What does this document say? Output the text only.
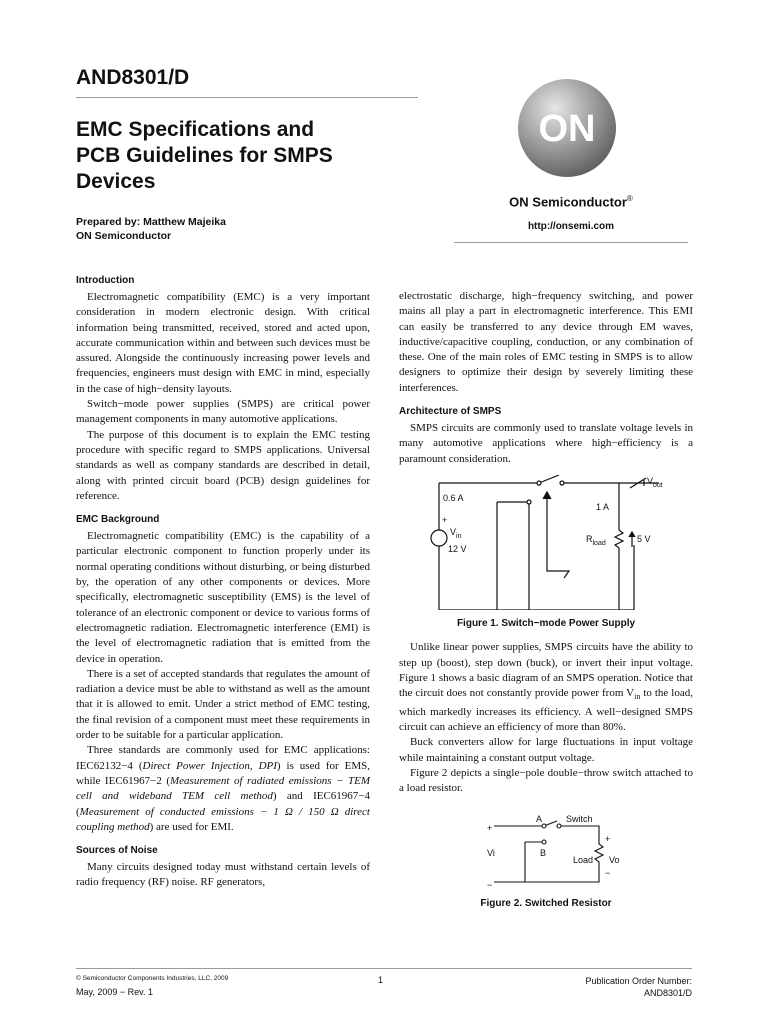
AND8301/D
EMC Specifications and
PCB Guidelines for SMPS
Devices
Prepared by: Matthew Majeika
ON Semiconductor
ON
ON Semiconductor®
http://onsemi.com
Introduction

Electromagnetic compatibility (EMC) is a very important consideration in modern electronic design. With critical information being transmitted, received, stored and acted upon, accurate communication within and between such devices must be assured. Alongside the continuously increasing power levels and frequencies, engineers must design with EMC in mind, especially in the case of high−density layouts.

Switch−mode power supplies (SMPS) are critical power management components in many automotive applications.

The purpose of this document is to explain the EMC testing procedure with specific regard to SMPS applications. Universal standards as well as company standards are described in detail, along with printed circuit board (PCB) design guidelines for reference.

EMC Background

Electromagnetic compatibility (EMC) is the capability of a particular electronic component to function properly under its normal operating conditions without disturbing, or being disturbed by, the operation of any other components or devices. More specifically, electromagnetic susceptibility (EMS) is the level of tolerance of an electronic component or device to various forms of electromagnetic radiation. Electromagnetic interference (EMI) is the level of electromagnetic radiation that is emitted from the device in operation.

There is a set of accepted standards that regulates the amount of radiation a device must be able to withstand as well as the amount that it is allowed to emit. Under a strict method of EMC testing, the final revision of a component must meet these requirements in order to be suitable for a particular application.

Three standards are commonly used for EMC applications: IEC62132−4 (Direct Power Injection, DPI) is used for EMS, while IEC61967−2 (Measurement of radiated emissions − TEM cell and wideband TEM cell method) and IEC61967−4 (Measurement of conducted emissions − 1 Ω / 150 Ω direct coupling method) are used for EMI.

Sources of Noise

Many circuits designed today must withstand certain levels of radio frequency (RF) noise. RF generators,

electrostatic discharge, high−frequency switching, and power mains all play a part in electromagnetic interference. This EMI can easily be transferred to any device through EM waves, inductive/capacitive coupling, conduction, or any combination of these. One of the main roles of EMC testing in SMPS is to allow designers to optimize their design by severely limiting these interferences.

Architecture of SMPS

SMPS circuits are commonly used to translate voltage levels in many automotive applications where high−efficiency is a paramount consideration.

0.6 A
+
$V_{in}$
12 V
$V_{out}$
1 A
$R_{load}$	5 V
Figure 1. Switch−mode Power Supply

Unlike linear power supplies, SMPS circuits have the ability to step up (boost), step down (buck), or invert their input voltage. Figure 1 shows a basic diagram of an SMPS operation. Notice that the circuit does not constantly provide power from $V_{in}$ to the load, which markedly increases its efficiency. A well−designed SMPS circuit can achieve an efficiency of more than 80%.

Buck converters allow for large fluctuations in input voltage while maintaining a constant output voltage.

Figure 2 depicts a single−pole double−throw switch attached to a load resistor.

A
B
Switch
+
Vi
−
+
Load Vo
−
Figure 2. Switched Resistor
© Semiconductor Components Industries, LLC, 2009
May, 2009 − Rev. 1
1	Publication Order Number:
AND8301/D
